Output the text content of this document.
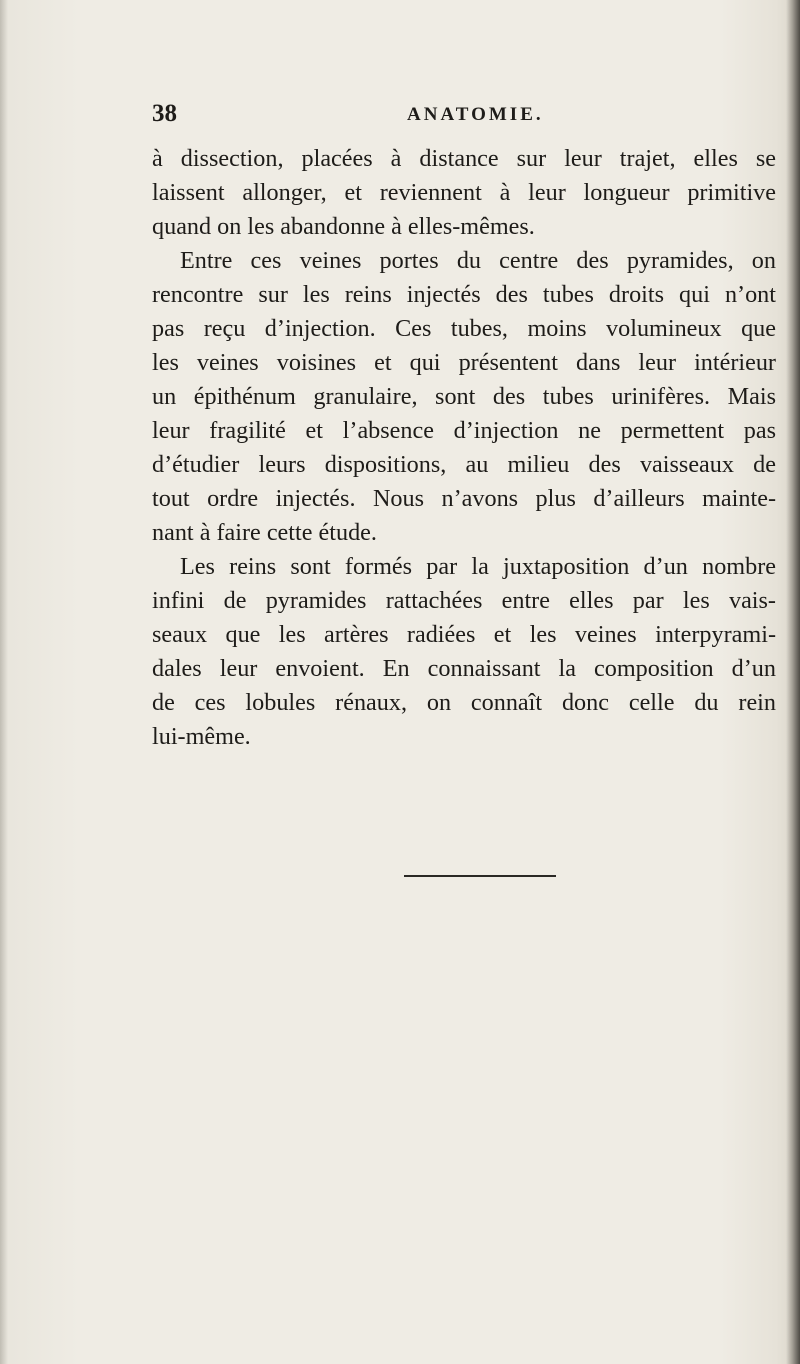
38	ANATOMIE.
à dissection, placées à distance sur leur trajet, elles se
laissent allonger, et reviennent à leur longueur primitive
quand on les abandonne à elles-mêmes.
Entre ces veines portes du centre des pyramides, on
rencontre sur les reins injectés des tubes droits qui n’ont
pas reçu d’injection. Ces tubes, moins volumineux que
les veines voisines et qui présentent dans leur intérieur
un épithénum granulaire, sont des tubes urinifères. Mais
leur fragilité et l’absence d’injection ne permettent pas
d’étudier leurs dispositions, au milieu des vaisseaux de
tout ordre injectés. Nous n’avons plus d’ailleurs mainte-
nant à faire cette étude.
Les reins sont formés par la juxtaposition d’un nombre
infini de pyramides rattachées entre elles par les vais-
seaux que les artères radiées et les veines interpyrami-
dales leur envoient. En connaissant la composition d’un
de ces lobules rénaux, on connaît donc celle du rein
lui-même.
